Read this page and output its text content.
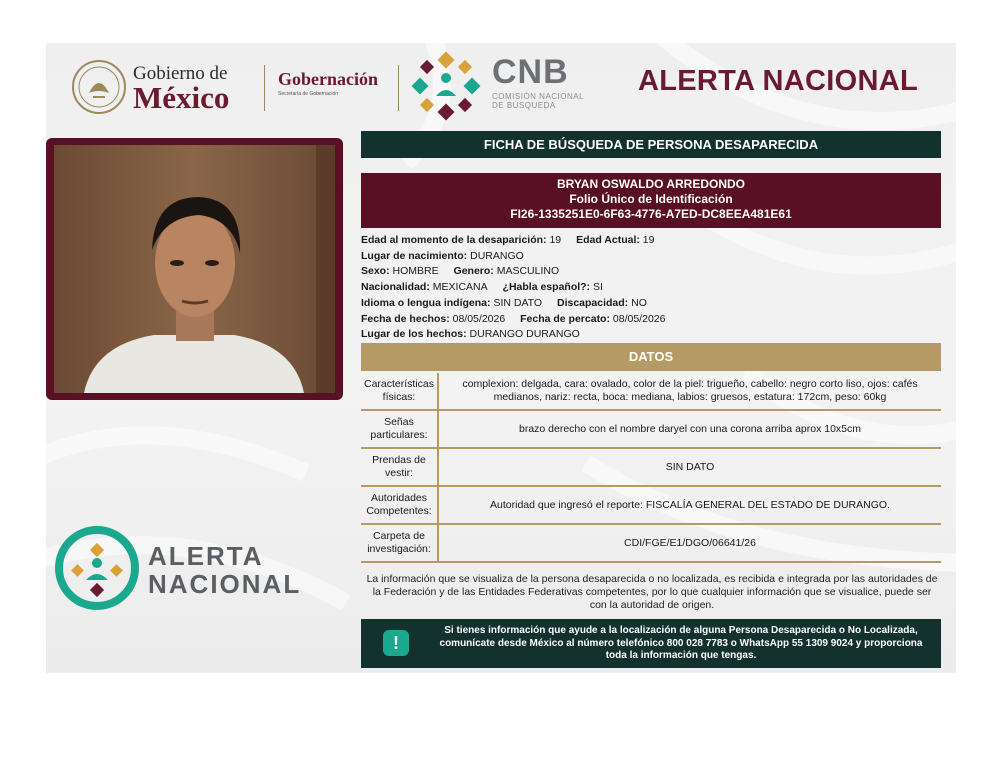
Gobierno de
México
Gobernación
Secretaría de Gobernación
CNB
COMISIÓN NACIONAL
DE BÚSQUEDA
ALERTA NACIONAL
FICHA DE BÚSQUEDA DE PERSONA DESAPARECIDA
BRYAN OSWALDO ARREDONDO
Folio Único de Identificación
FI26-1335251E0-6F63-4776-A7ED-DC8EEA481E61
Edad al momento de la desaparición: 19 Edad Actual: 19
Lugar de nacimiento: DURANGO
Sexo: HOMBRE Genero: MASCULINO
Nacionalidad: MEXICANA ¿Habla español?: SI
Idioma o lengua indígena: SIN DATO Discapacidad: NO
Fecha de hechos: 08/05/2026 Fecha de percato: 08/05/2026
Lugar de los hechos: DURANGO DURANGO
DATOS
Características
físicas:
complexion: delgada, cara: ovalado, color de la piel: trigueño, cabello: negro corto liso, ojos: cafés medianos, nariz: recta, boca: mediana, labios: gruesos, estatura: 172cm, peso: 60kg
Señas
particulares:
brazo derecho con el nombre daryel con una corona arriba aprox 10x5cm
Prendas de
vestir:
SIN DATO
Autoridades
Competentes:
Autoridad que ingresó el reporte: FISCALÍA GENERAL DEL ESTADO DE DURANGO.
Carpeta de
investigación:
CDI/FGE/E1/DGO/06641/26
La información que se visualiza de la persona desaparecida o no localizada, es recibida e integrada por las autoridades de la Federación y de las Entidades Federativas competentes, por lo que cualquier información que se visualice, puede ser con la autoridad de origen.
!
Si tienes información que ayude a la localización de alguna Persona Desaparecida o No Localizada, comunícate desde México al número telefónico 800 028 7783 o WhatsApp 55 1309 9024 y proporciona toda la información que tengas.
ALERTA
NACIONAL
